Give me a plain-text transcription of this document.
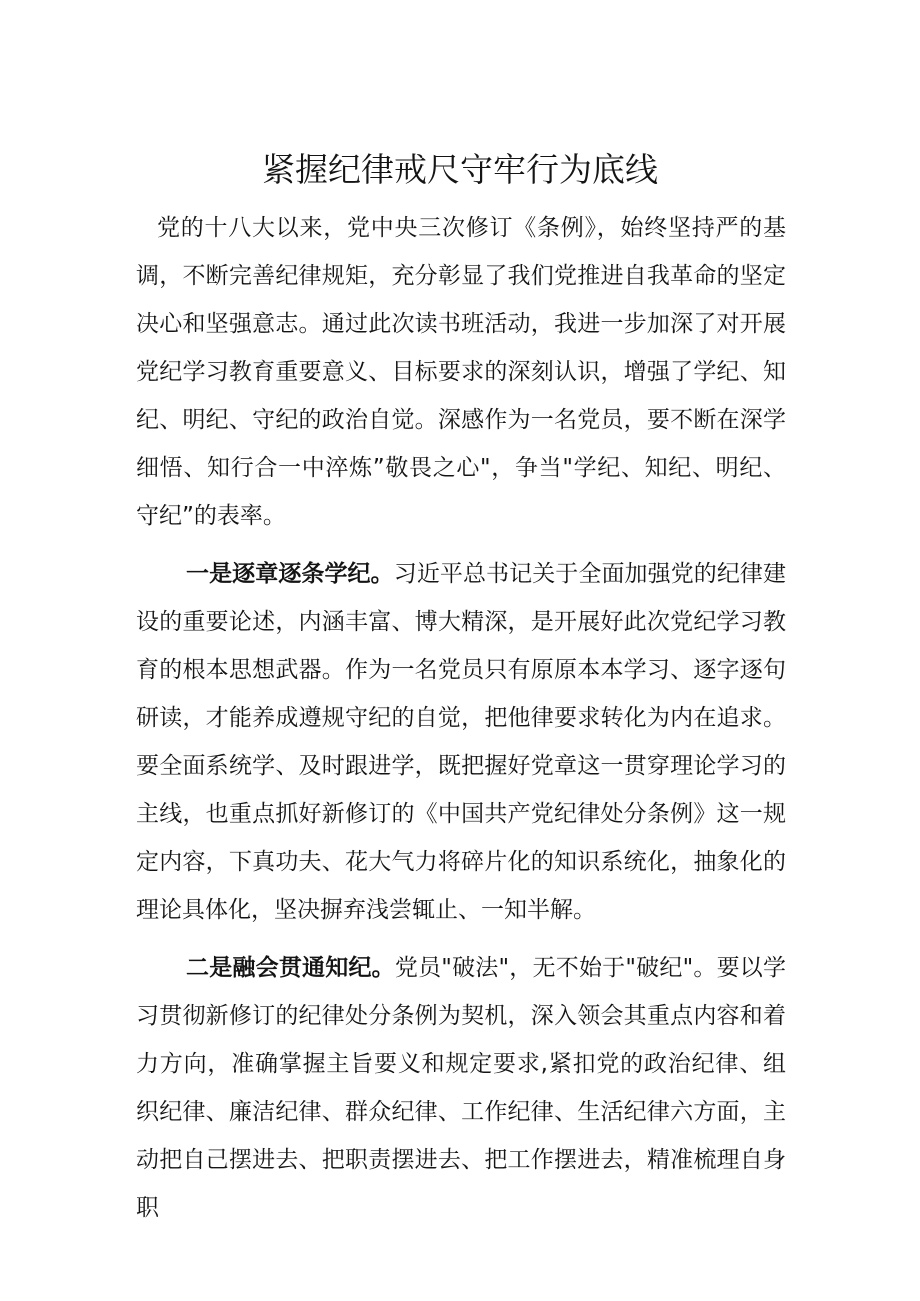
紧握纪律戒尺守牢行为底线

党的十八大以来，党中央三次修订《条例》，始终坚持严的基调，不断完善纪律规矩，充分彰显了我们党推进自我革命的坚定决心和坚强意志。通过此次读书班活动，我进一步加深了对开展党纪学习教育重要意义、目标要求的深刻认识，增强了学纪、知纪、明纪、守纪的政治自觉。深感作为一名党员，要不断在深学细悟、知行合一中淬炼”敬畏之心"，争当"学纪、知纪、明纪、守纪”的表率。

一是逐章逐条学纪。习近平总书记关于全面加强党的纪律建设的重要论述，内涵丰富、博大精深，是开展好此次党纪学习教育的根本思想武器。作为一名党员只有原原本本学习、逐字逐句研读，才能养成遵规守纪的自觉，把他律要求转化为内在追求。要全面系统学、及时跟进学，既把握好党章这一贯穿理论学习的主线，也重点抓好新修订的《中国共产党纪律处分条例》这一规定内容，下真功夫、花大气力将碎片化的知识系统化，抽象化的理论具体化，坚决摒弃浅尝辄止、一知半解。

二是融会贯通知纪。党员"破法"，无不始于"破纪"。要以学习贯彻新修订的纪律处分条例为契机，深入领会其重点内容和着力方向，准确掌握主旨要义和规定要求,紧扣党的政治纪律、组织纪律、廉洁纪律、群众纪律、工作纪律、生活纪律六方面，主动把自己摆进去、把职责摆进去、把工作摆进去，精准梳理自身职
